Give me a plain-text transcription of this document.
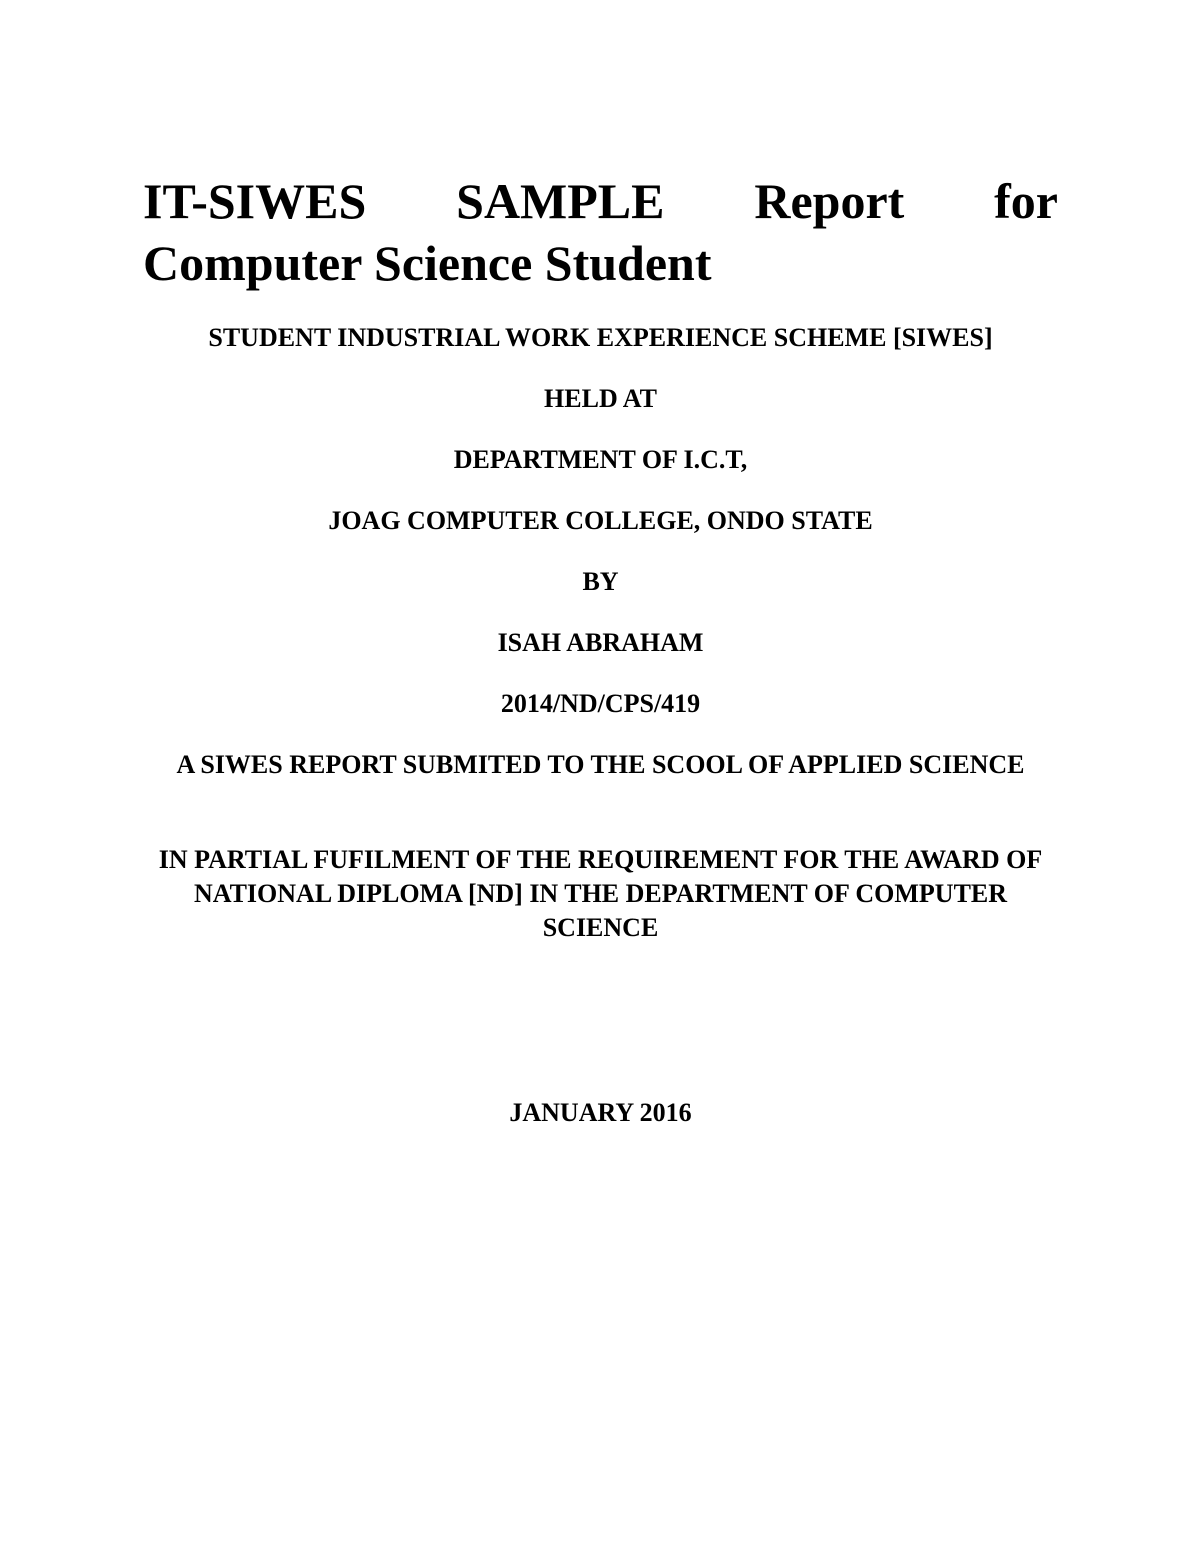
IT-SIWES SAMPLE Report for
Computer Science Student

STUDENT INDUSTRIAL WORK EXPERIENCE SCHEME [SIWES]

HELD AT

DEPARTMENT OF I.C.T,

JOAG COMPUTER COLLEGE, ONDO STATE

BY

ISAH ABRAHAM

2014/ND/CPS/419

A SIWES REPORT SUBMITED TO THE SCOOL OF APPLIED SCIENCE

IN PARTIAL FUFILMENT OF THE REQUIREMENT FOR THE AWARD OF NATIONAL DIPLOMA [ND] IN THE DEPARTMENT OF COMPUTER SCIENCE

JANUARY 2016
